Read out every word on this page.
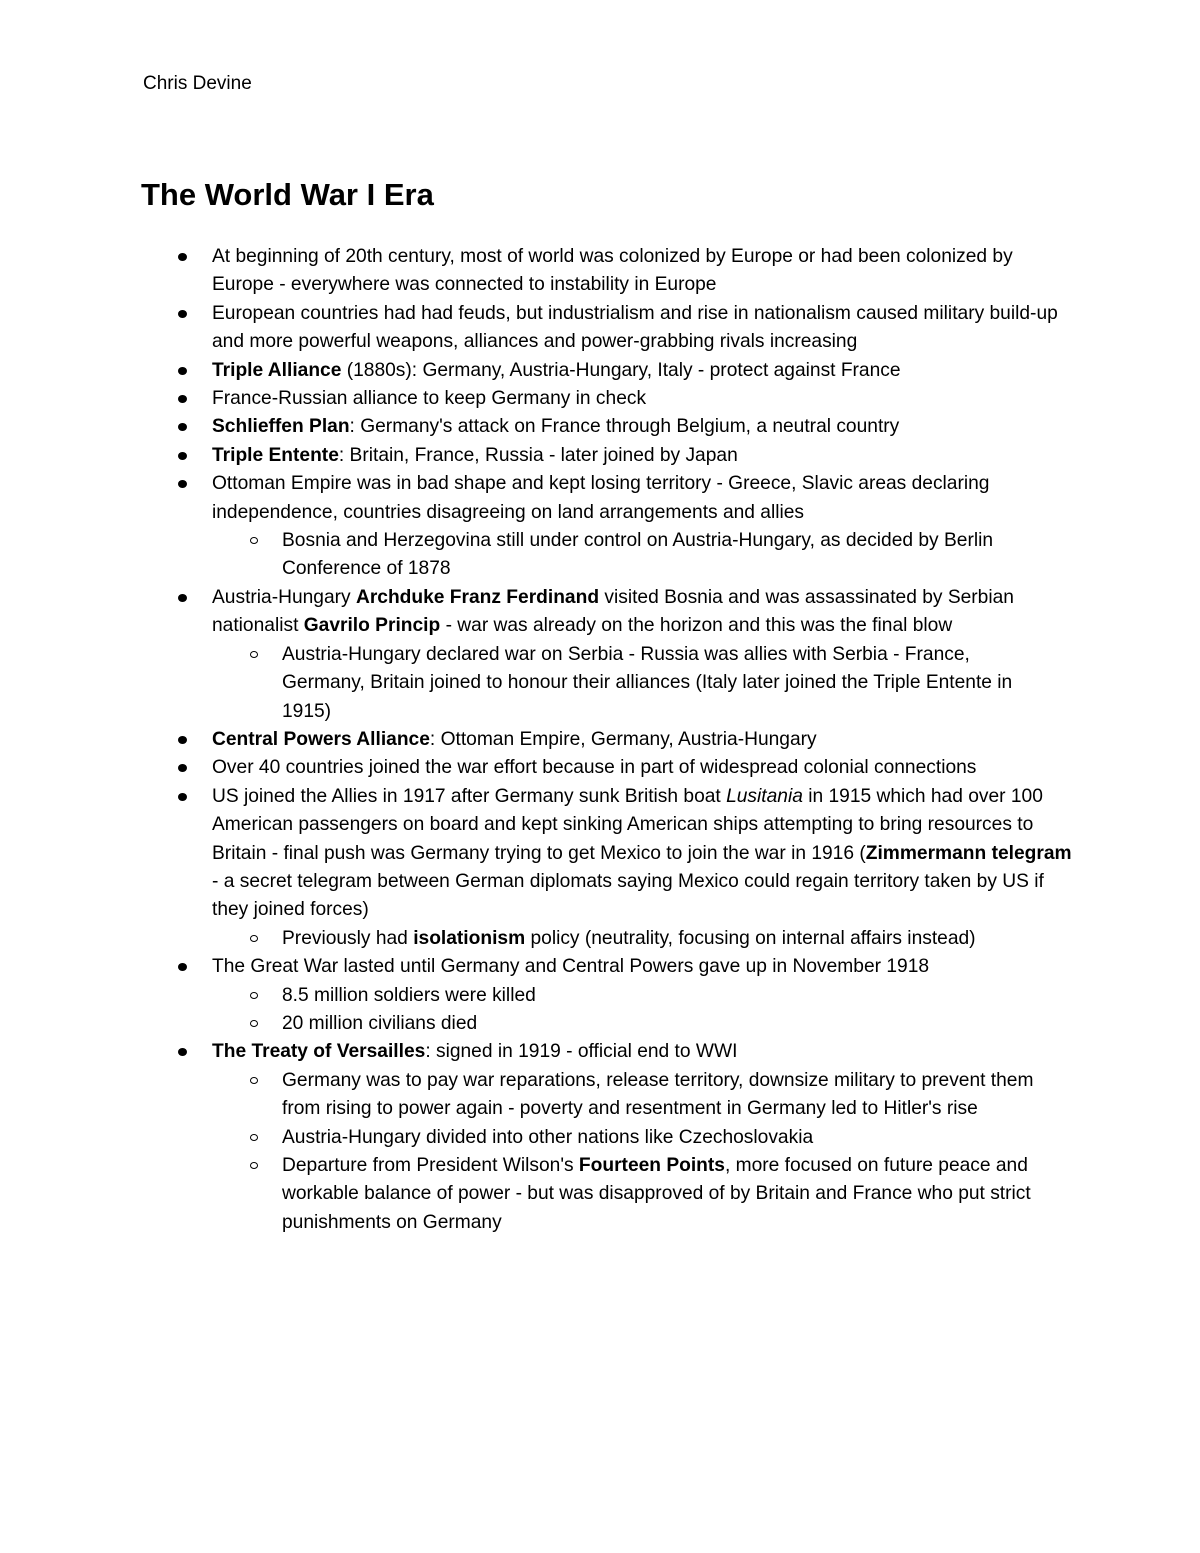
Chris Devine
The World War I Era
At beginning of 20th century, most of world was colonized by Europe or had been colonized by Europe - everywhere was connected to instability in Europe
European countries had had feuds, but industrialism and rise in nationalism caused military build-up and more powerful weapons, alliances and power-grabbing rivals increasing
Triple Alliance (1880s): Germany, Austria-Hungary, Italy - protect against France
France-Russian alliance to keep Germany in check
Schlieffen Plan: Germany's attack on France through Belgium, a neutral country
Triple Entente: Britain, France, Russia - later joined by Japan
Ottoman Empire was in bad shape and kept losing territory - Greece, Slavic areas declaring independence, countries disagreeing on land arrangements and allies
Bosnia and Herzegovina still under control on Austria-Hungary, as decided by Berlin Conference of 1878
Austria-Hungary Archduke Franz Ferdinand visited Bosnia and was assassinated by Serbian nationalist Gavrilo Princip - war was already on the horizon and this was the final blow
Austria-Hungary declared war on Serbia - Russia was allies with Serbia - France, Germany, Britain joined to honour their alliances (Italy later joined the Triple Entente in 1915)
Central Powers Alliance: Ottoman Empire, Germany, Austria-Hungary
Over 40 countries joined the war effort because in part of widespread colonial connections
US joined the Allies in 1917 after Germany sunk British boat Lusitania in 1915 which had over 100 American passengers on board and kept sinking American ships attempting to bring resources to Britain - final push was Germany trying to get Mexico to join the war in 1916 (Zimmermann telegram - a secret telegram between German diplomats saying Mexico could regain territory taken by US if they joined forces)
Previously had isolationism policy (neutrality, focusing on internal affairs instead)
The Great War lasted until Germany and Central Powers gave up in November 1918
8.5 million soldiers were killed
20 million civilians died
The Treaty of Versailles: signed in 1919 - official end to WWI
Germany was to pay war reparations, release territory, downsize military to prevent them from rising to power again - poverty and resentment in Germany led to Hitler's rise
Austria-Hungary divided into other nations like Czechoslovakia
Departure from President Wilson's Fourteen Points, more focused on future peace and workable balance of power - but was disapproved of by Britain and France who put strict punishments on Germany
